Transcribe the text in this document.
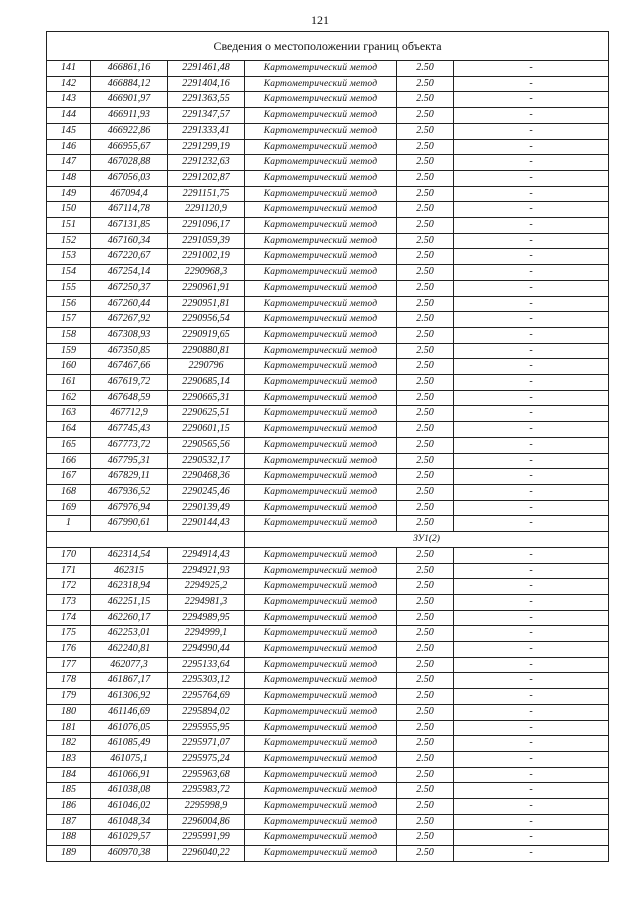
121
Сведения о местоположении границ объекта					
141	466861,16	2291461,48	Картометрический метод	2.50	-
142	466884,12	2291404,16	Картометрический метод	2.50	-
143	466901,97	2291363,55	Картометрический метод	2.50	-
144	466911,93	2291347,57	Картометрический метод	2.50	-
145	466922,86	2291333,41	Картометрический метод	2.50	-
146	466955,67	2291299,19	Картометрический метод	2.50	-
147	467028,88	2291232,63	Картометрический метод	2.50	-
148	467056,03	2291202,87	Картометрический метод	2.50	-
149	467094,4	2291151,75	Картометрический метод	2.50	-
150	467114,78	2291120,9	Картометрический метод	2.50	-
151	467131,85	2291096,17	Картометрический метод	2.50	-
152	467160,34	2291059,39	Картометрический метод	2.50	-
153	467220,67	2291002,19	Картометрический метод	2.50	-
154	467254,14	2290968,3	Картометрический метод	2.50	-
155	467250,37	2290961,91	Картометрический метод	2.50	-
156	467260,44	2290951,81	Картометрический метод	2.50	-
157	467267,92	2290956,54	Картометрический метод	2.50	-
158	467308,93	2290919,65	Картометрический метод	2.50	-
159	467350,85	2290880,81	Картометрический метод	2.50	-
160	467467,66	2290796	Картометрический метод	2.50	-
161	467619,72	2290685,14	Картометрический метод	2.50	-
162	467648,59	2290665,31	Картометрический метод	2.50	-
163	467712,9	2290625,51	Картометрический метод	2.50	-
164	467745,43	2290601,15	Картометрический метод	2.50	-
165	467773,72	2290565,56	Картометрический метод	2.50	-
166	467795,31	2290532,17	Картометрический метод	2.50	-
167	467829,11	2290468,36	Картометрический метод	2.50	-
168	467936,52	2290245,46	Картометрический метод	2.50	-
169	467976,94	2290139,49	Картометрический метод	2.50	-
1	467990,61	2290144,43	Картометрический метод	2.50	-
			ЗУ1(2)		
170	462314,54	2294914,43	Картометрический метод	2.50	-
171	462315	2294921,93	Картометрический метод	2.50	-
172	462318,94	2294925,2	Картометрический метод	2.50	-
173	462251,15	2294981,3	Картометрический метод	2.50	-
174	462260,17	2294989,95	Картометрический метод	2.50	-
175	462253,01	2294999,1	Картометрический метод	2.50	-
176	462240,81	2294990,44	Картометрический метод	2.50	-
177	462077,3	2295133,64	Картометрический метод	2.50	-
178	461867,17	2295303,12	Картометрический метод	2.50	-
179	461306,92	2295764,69	Картометрический метод	2.50	-
180	461146,69	2295894,02	Картометрический метод	2.50	-
181	461076,05	2295955,95	Картометрический метод	2.50	-
182	461085,49	2295971,07	Картометрический метод	2.50	-
183	461075,1	2295975,24	Картометрический метод	2.50	-
184	461066,91	2295963,68	Картометрический метод	2.50	-
185	461038,08	2295983,72	Картометрический метод	2.50	-
186	461046,02	2295998,9	Картометрический метод	2.50	-
187	461048,34	2296004,86	Картометрический метод	2.50	-
188	461029,57	2295991,99	Картометрический метод	2.50	-
189	460970,38	2296040,22	Картометрический метод	2.50	-
